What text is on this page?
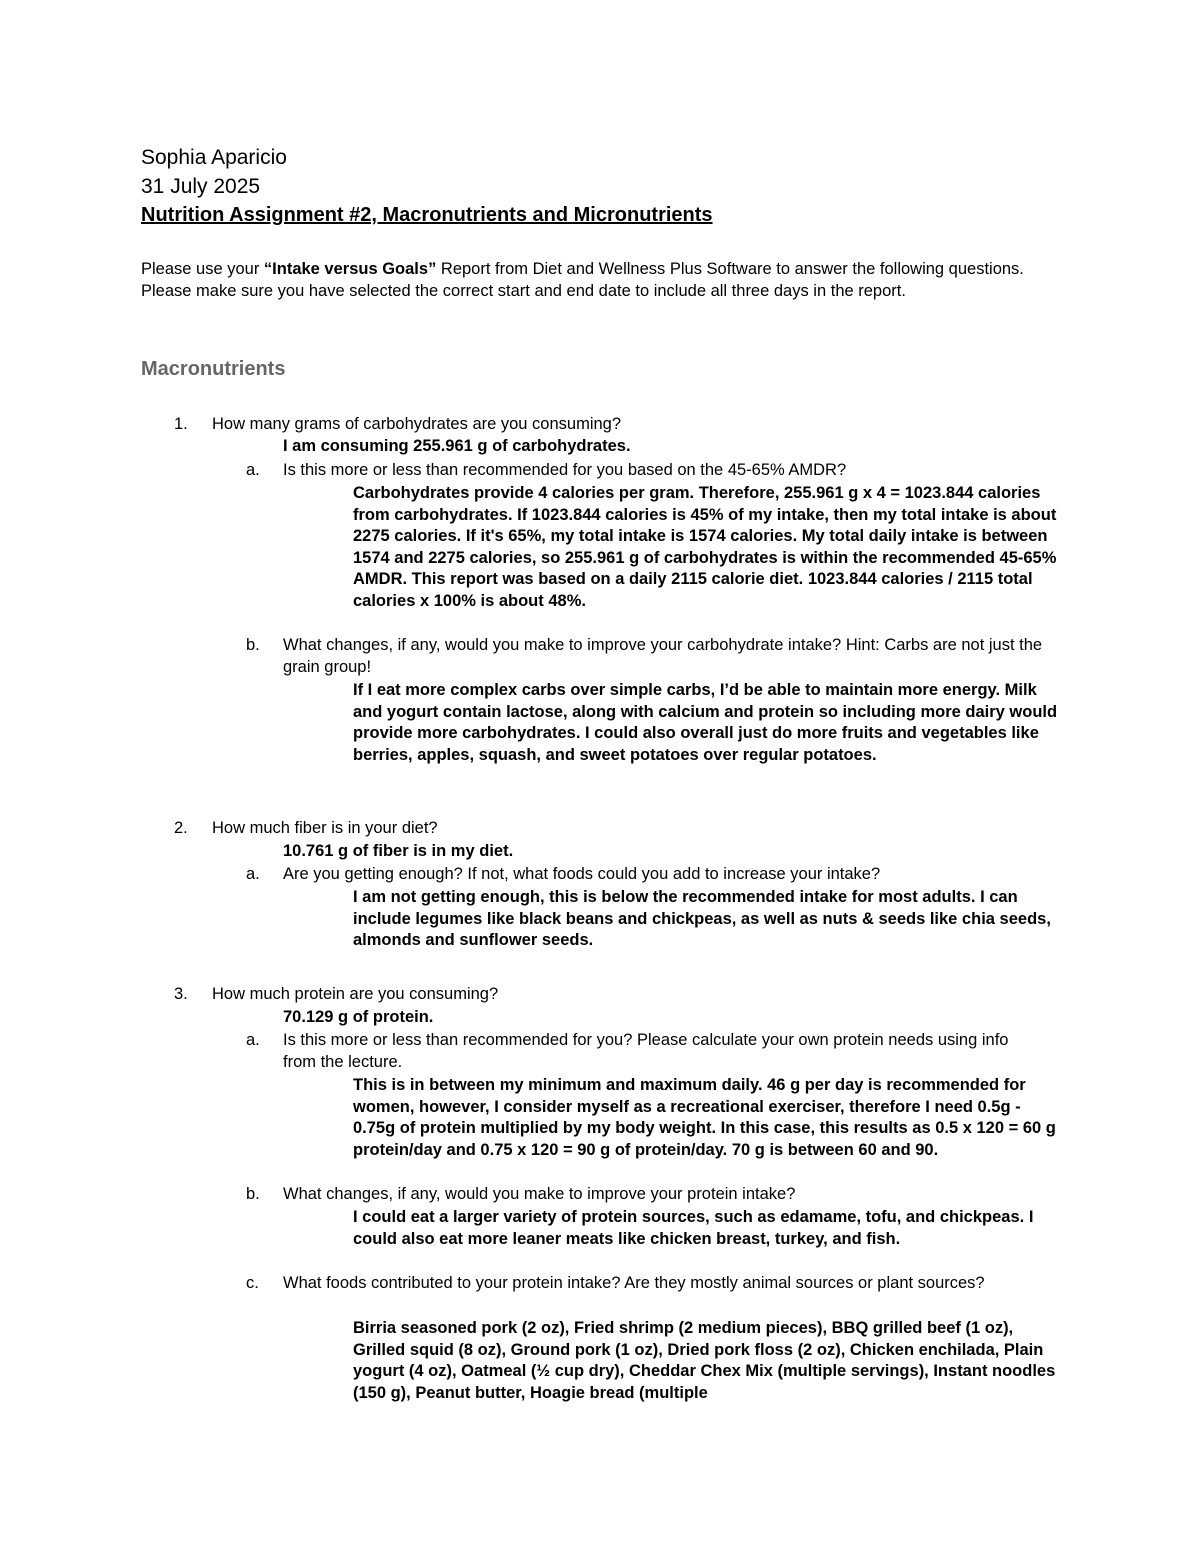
Sophia Aparicio
31 July 2025
Nutrition Assignment #2, Macronutrients and Micronutrients
Please use your “Intake versus Goals” Report from Diet and Wellness Plus Software to answer the following questions. Please make sure you have selected the correct start and end date to include all three days in the report.
Macronutrients
1. How many grams of carbohydrates are you consuming?
I am consuming 255.961 g of carbohydrates.
a. Is this more or less than recommended for you based on the 45-65% AMDR?
Carbohydrates provide 4 calories per gram. Therefore, 255.961 g x 4 = 1023.844 calories from carbohydrates. If 1023.844 calories is 45% of my intake, then my total intake is about 2275 calories. If it's 65%, my total intake is 1574 calories. My total daily intake is between 1574 and 2275 calories, so 255.961 g of carbohydrates is within the recommended 45-65% AMDR. This report was based on a daily 2115 calorie diet. 1023.844 calories / 2115 total calories x 100% is about 48%.
b. What changes, if any, would you make to improve your carbohydrate intake? Hint: Carbs are not just the grain group!
If I eat more complex carbs over simple carbs, I’d be able to maintain more energy. Milk and yogurt contain lactose, along with calcium and protein so including more dairy would provide more carbohydrates. I could also overall just do more fruits and vegetables like berries, apples, squash, and sweet potatoes over regular potatoes.
2. How much fiber is in your diet?
10.761 g of fiber is in my diet.
a. Are you getting enough? If not, what foods could you add to increase your intake?
I am not getting enough, this is below the recommended intake for most adults. I can include legumes like black beans and chickpeas, as well as nuts & seeds like chia seeds, almonds and sunflower seeds.
3. How much protein are you consuming?
70.129 g of protein.
a. Is this more or less than recommended for you? Please calculate your own protein needs using info from the lecture.
This is in between my minimum and maximum daily. 46 g per day is recommended for women, however, I consider myself as a recreational exerciser, therefore I need 0.5g - 0.75g of protein multiplied by my body weight. In this case, this results as 0.5 x 120 = 60 g protein/day and 0.75 x 120 = 90 g of protein/day. 70 g is between 60 and 90.
b. What changes, if any, would you make to improve your protein intake?
I could eat a larger variety of protein sources, such as edamame, tofu, and chickpeas. I could also eat more leaner meats like chicken breast, turkey, and fish.
c. What foods contributed to your protein intake? Are they mostly animal sources or plant sources?
Birria seasoned pork (2 oz), Fried shrimp (2 medium pieces), BBQ grilled beef (1 oz), Grilled squid (8 oz), Ground pork (1 oz), Dried pork floss (2 oz), Chicken enchilada, Plain yogurt (4 oz), Oatmeal (½ cup dry), Cheddar Chex Mix (multiple servings), Instant noodles (150 g), Peanut butter, Hoagie bread (multiple
